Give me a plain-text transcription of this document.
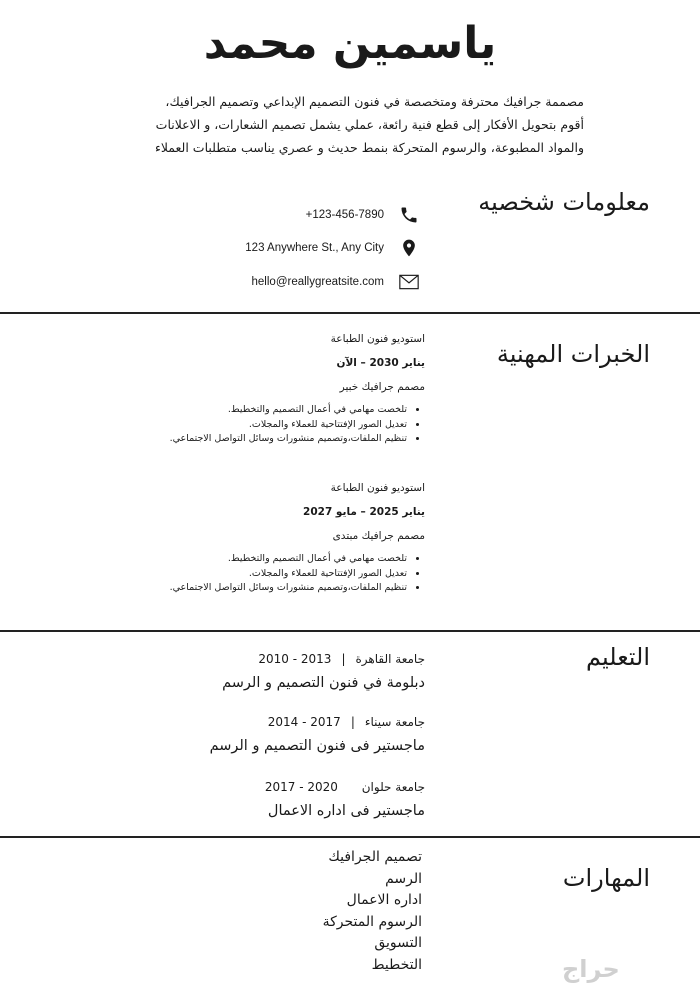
ياسمين محمد
مصممة جرافيك محترفة ومتخصصة في فنون التصميم الإبداعي وتصميم الجرافيك،
أقوم بتحويل الأفكار إلى قطع فنية رائعة، عملي يشمل تصميم الشعارات، و الاعلانات
والمواد المطبوعة، والرسوم المتحركة بنمط حديث و عصري يناسب متطلبات العملاء
معلومات شخصيه
+123-456-7890
123 Anywhere St., Any City
hello@reallygreatsite.com
الخبرات المهنية
استوديو فنون الطباعة
يناير 2030 – الآن
مصمم جرافيك خبير
• تلخصت مهامي في أعمال التصميم والتخطيط.
• تعديل الصور الإفتتاحية للعملاء والمجلات.
• تنظيم الملفات،وتصميم منشورات وسائل التواصل الاجتماعي.
استوديو فنون الطباعة
يناير 2025 – مايو 2027
مصمم جرافيك مبتدى
• تلخصت مهامي في أعمال التصميم والتخطيط.
• تعديل الصور الإفتتاحية للعملاء والمجلات.
• تنظيم الملفات،وتصميم منشورات وسائل التواصل الاجتماعي.
التعليم
جامعة القاهرة|2010 - 2013
دبلومة في فنون التصميم و الرسم
جامعة سيناء|2014 - 2017
ماجستير فى فنون التصميم و الرسم
جامعة حلوان 2017 - 2020
ماجستير فى اداره الاعمال
المهارات
تصميم الجرافيك
الرسم
اداره الاعمال
الرسوم المتحركة
التسويق
التخطيط	حراج
